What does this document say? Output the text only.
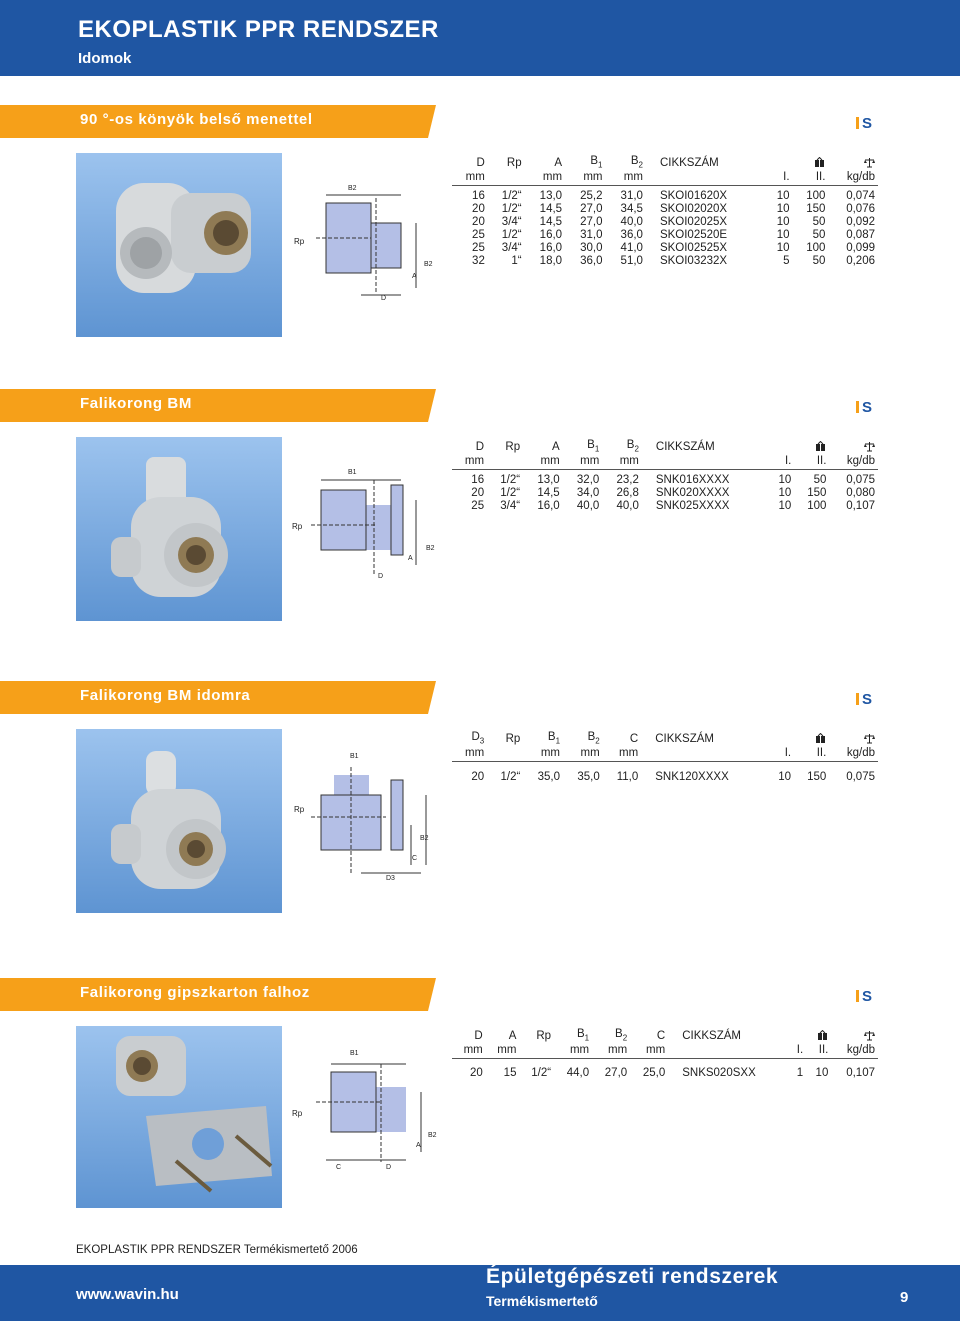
EKOPLASTIK PPR RENDSZER
Idomok
90 °-os könyök belső menettel	S
B2
Rp
A
B2
D
D	Rp	A	$B_1$	$B_2$	CIKKSZÁM		
mm		mm	mm	mm		I.	II.	kg/db
16	1/2“	13,0	25,2	31,0	SKOI01620X	10	100	0,074
20	1/2“	14,5	27,0	34,5	SKOI02020X	10	150	0,076
20	3/4“	14,5	27,0	40,0	SKOI02025X	10	50	0,092
25	1/2“	16,0	31,0	36,0	SKOI02520E	10	50	0,087
25	3/4“	16,0	30,0	41,0	SKOI02525X	10	100	0,099
32	1“	18,0	36,0	51,0	SKOI03232X	5	50	0,206
Falikorong BM	S
B1
Rp
A
B2
D
D	Rp	A	$B_1$	$B_2$	CIKKSZÁM		
mm		mm	mm	mm		I.	II.	kg/db
16	1/2“	13,0	32,0	23,2	SNK016XXXX	10	50	0,075
20	1/2“	14,5	34,0	26,8	SNK020XXXX	10	150	0,080
25	3/4“	16,0	40,0	40,0	SNK025XXXX	10	100	0,107
Falikorong BM idomra	S
B1
Rp
B2
C
D3
$D_3$	Rp	$B_1$	$B_2$	C	CIKKSZÁM		
mm		mm	mm	mm		I.	II.	kg/db
20	1/2“	35,0	35,0	11,0	SNK120XXXX	10	150	0,075
Falikorong gipszkarton falhoz	S
B1
Rp
A
B2
C	D
D	A	Rp	$B_1$	$B_2$	C	CIKKSZÁM		
mm	mm		mm	mm	mm		I.	II.	kg/db
20	15	1/2“	44,0	27,0	25,0	SNKS020SXX	1	10	0,107
EKOPLASTIK PPR RENDSZER Termékismertető 2006
www.wavin.hu
Épületgépészeti rendszerek
Termékismertető	9
